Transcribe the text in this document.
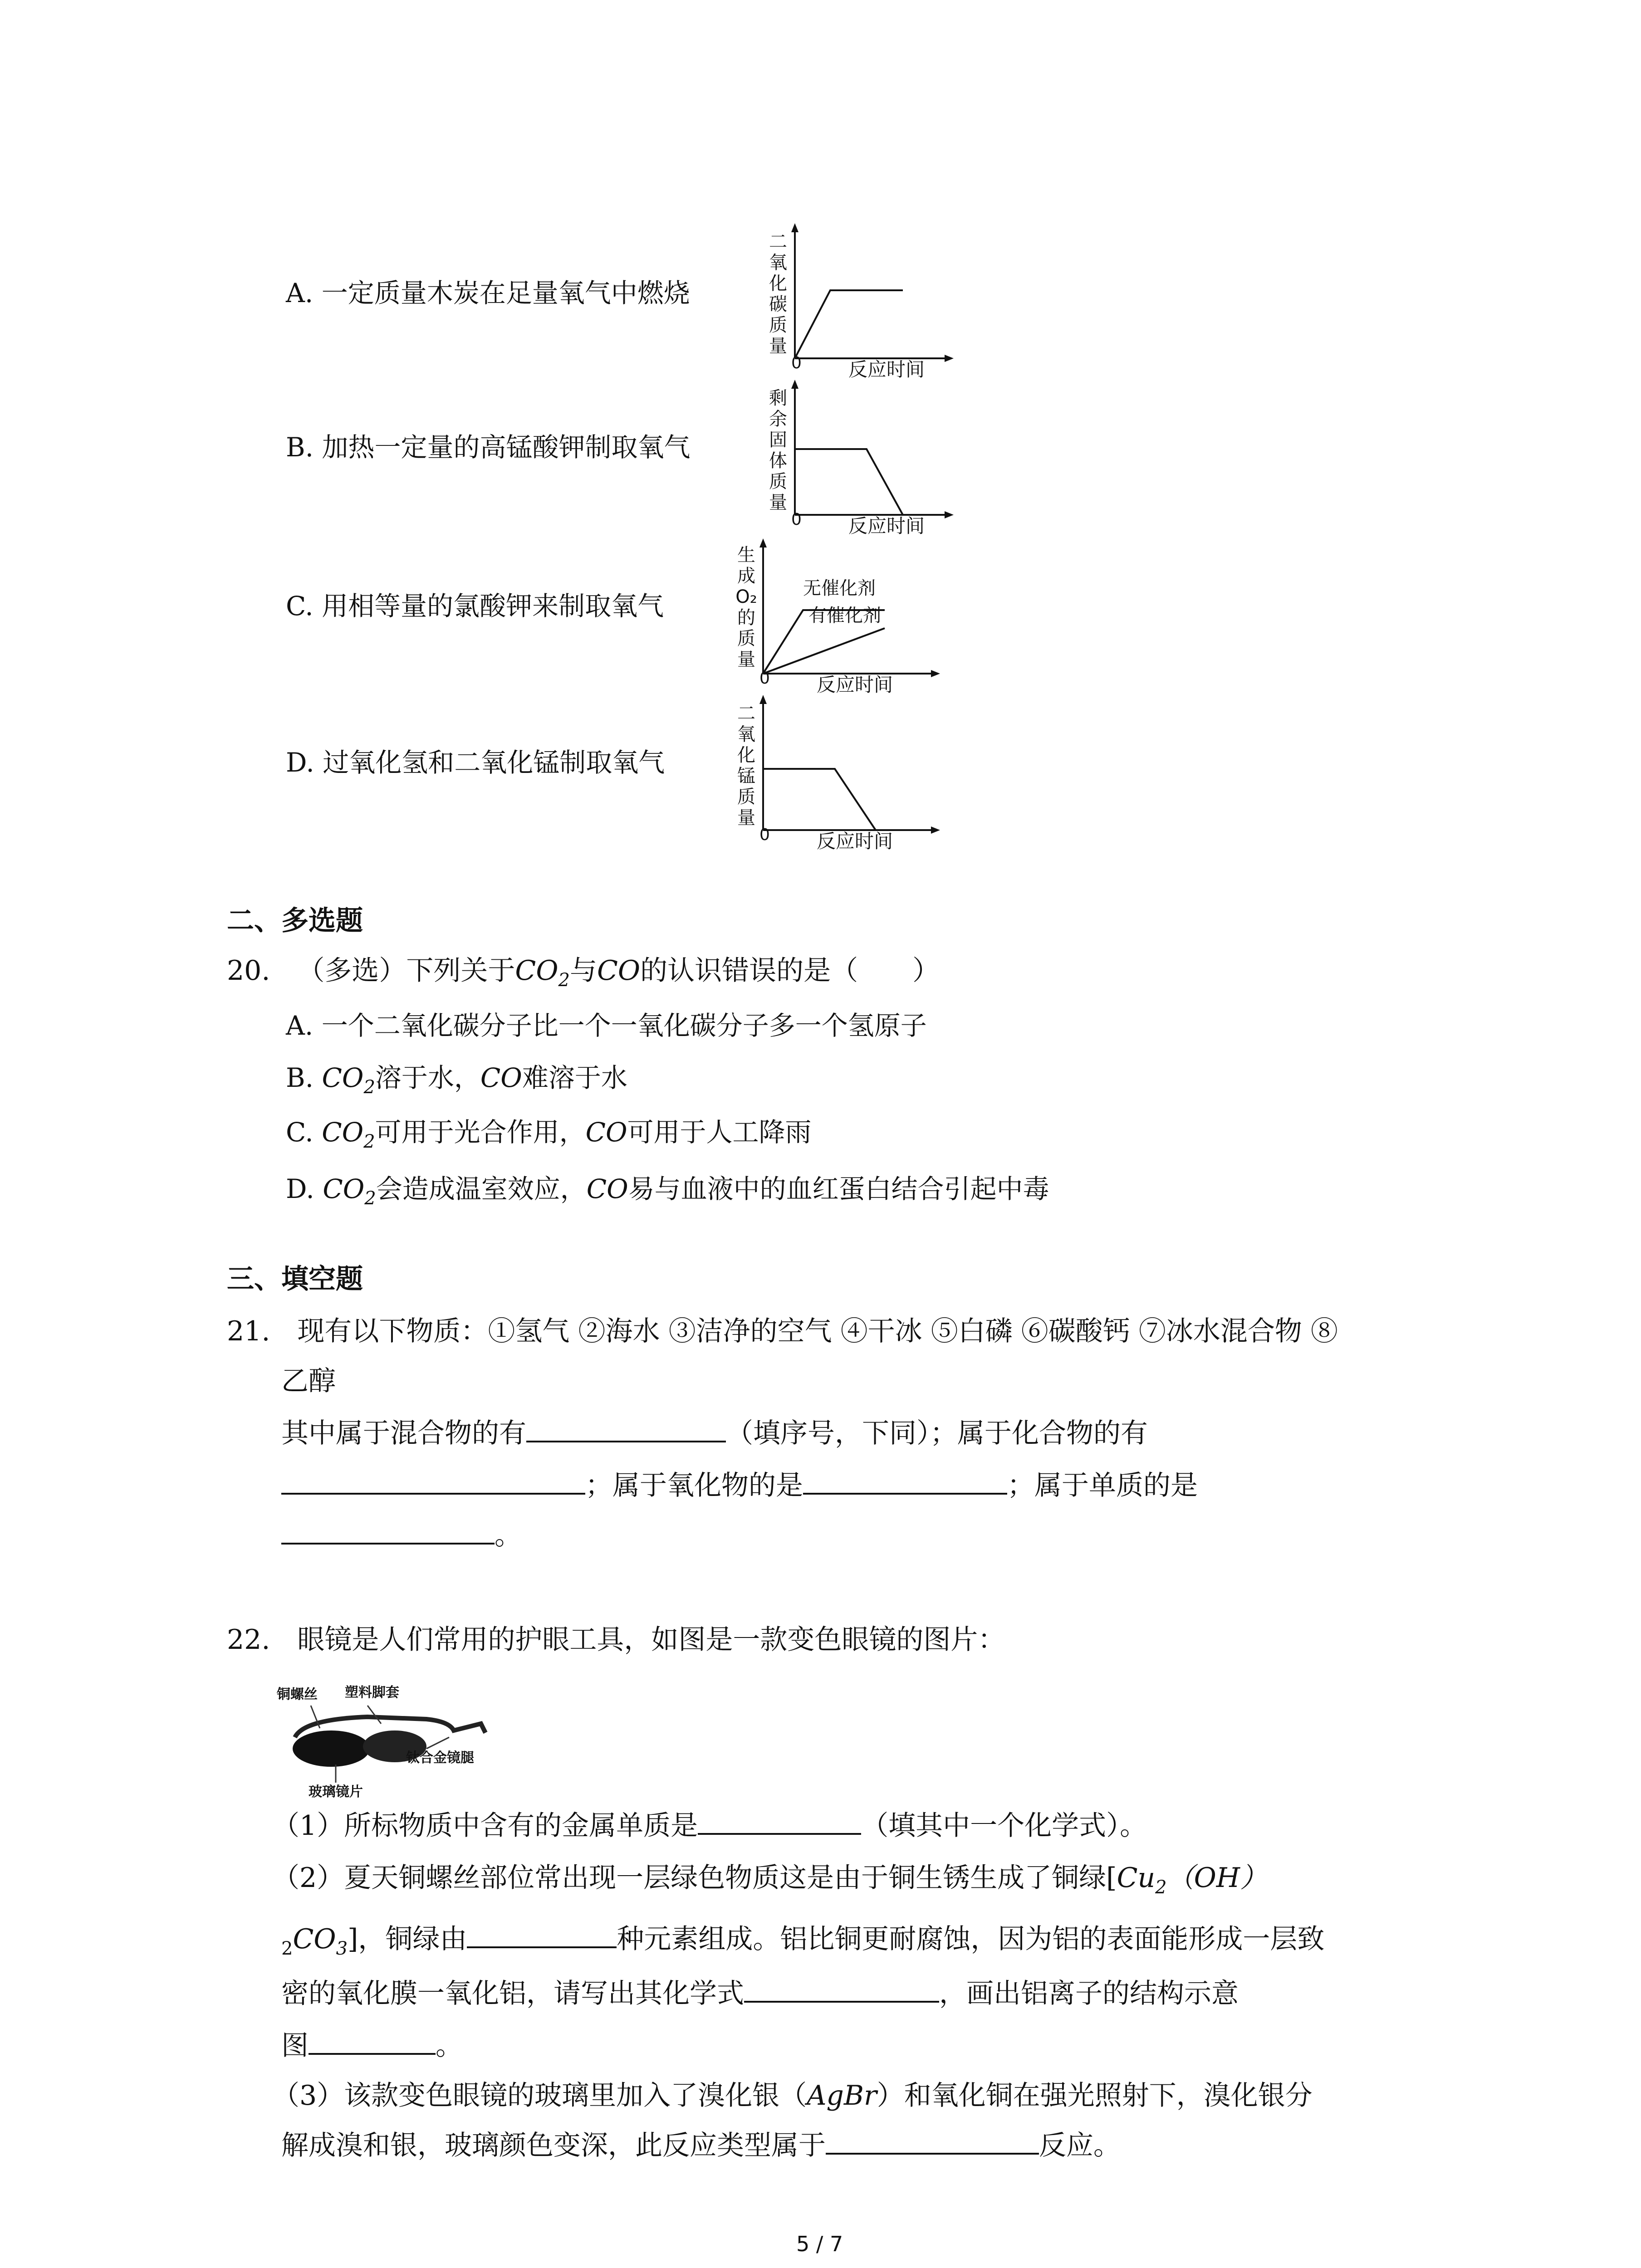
A. 一定质量木炭在足量氧气中燃烧
B. 加热一定量的高锰酸钾制取氧气
C. 用相等量的氯酸钾来制取氧气
D. 过氧化氢和二氧化锰制取氧气
二氧化碳质量
0 反应时间
剩余固体质量
0 反应时间
生成O₂的质量
无催化剂
有催化剂
0 反应时间
二氧化锰质量
0 反应时间
二、多选题
20.  （多选）下列关于$CO_2$与CO的认识错误的是（　　）
A. 一个二氧化碳分子比一个一氧化碳分子多一个氢原子
B. $CO_2$溶于水，CO难溶于水
C. $CO_2$可用于光合作用，CO可用于人工降雨
D. $CO_2$会造成温室效应，CO易与血液中的血红蛋白结合引起中毒
三、填空题
21.  现有以下物质：①氢气 ②海水 ③洁净的空气 ④干冰 ⑤白磷 ⑥碳酸钙 ⑦冰水混合物 ⑧
乙醇
其中属于混合物的有	（填序号，下同）；属于化合物的有
；属于氧化物的是	；属于单质的是
。
22.  眼镜是人们常用的护眼工具，如图是一款变色眼镜的图片：
铜螺丝 塑料脚套
钛合金镜腿
玻璃镜片
（1）所标物质中含有的金属单质是	（填其中一个化学式）。
（2）夏天铜螺丝部位常出现一层绿色物质这是由于铜生锈生成了铜绿[$Cu_2(OH)$
$_2CO_3$]，铜绿由	种元素组成。铝比铜更耐腐蚀，因为铝的表面能形成一层致
密的氧化膜一氧化铝，请写出其化学式	，画出铝离子的结构示意
图	。
（3）该款变色眼镜的玻璃里加入了溴化银（AgBr）和氧化铜在强光照射下，溴化银分
解成溴和银，玻璃颜色变深，此反应类型属于	反应。
5 / 7
